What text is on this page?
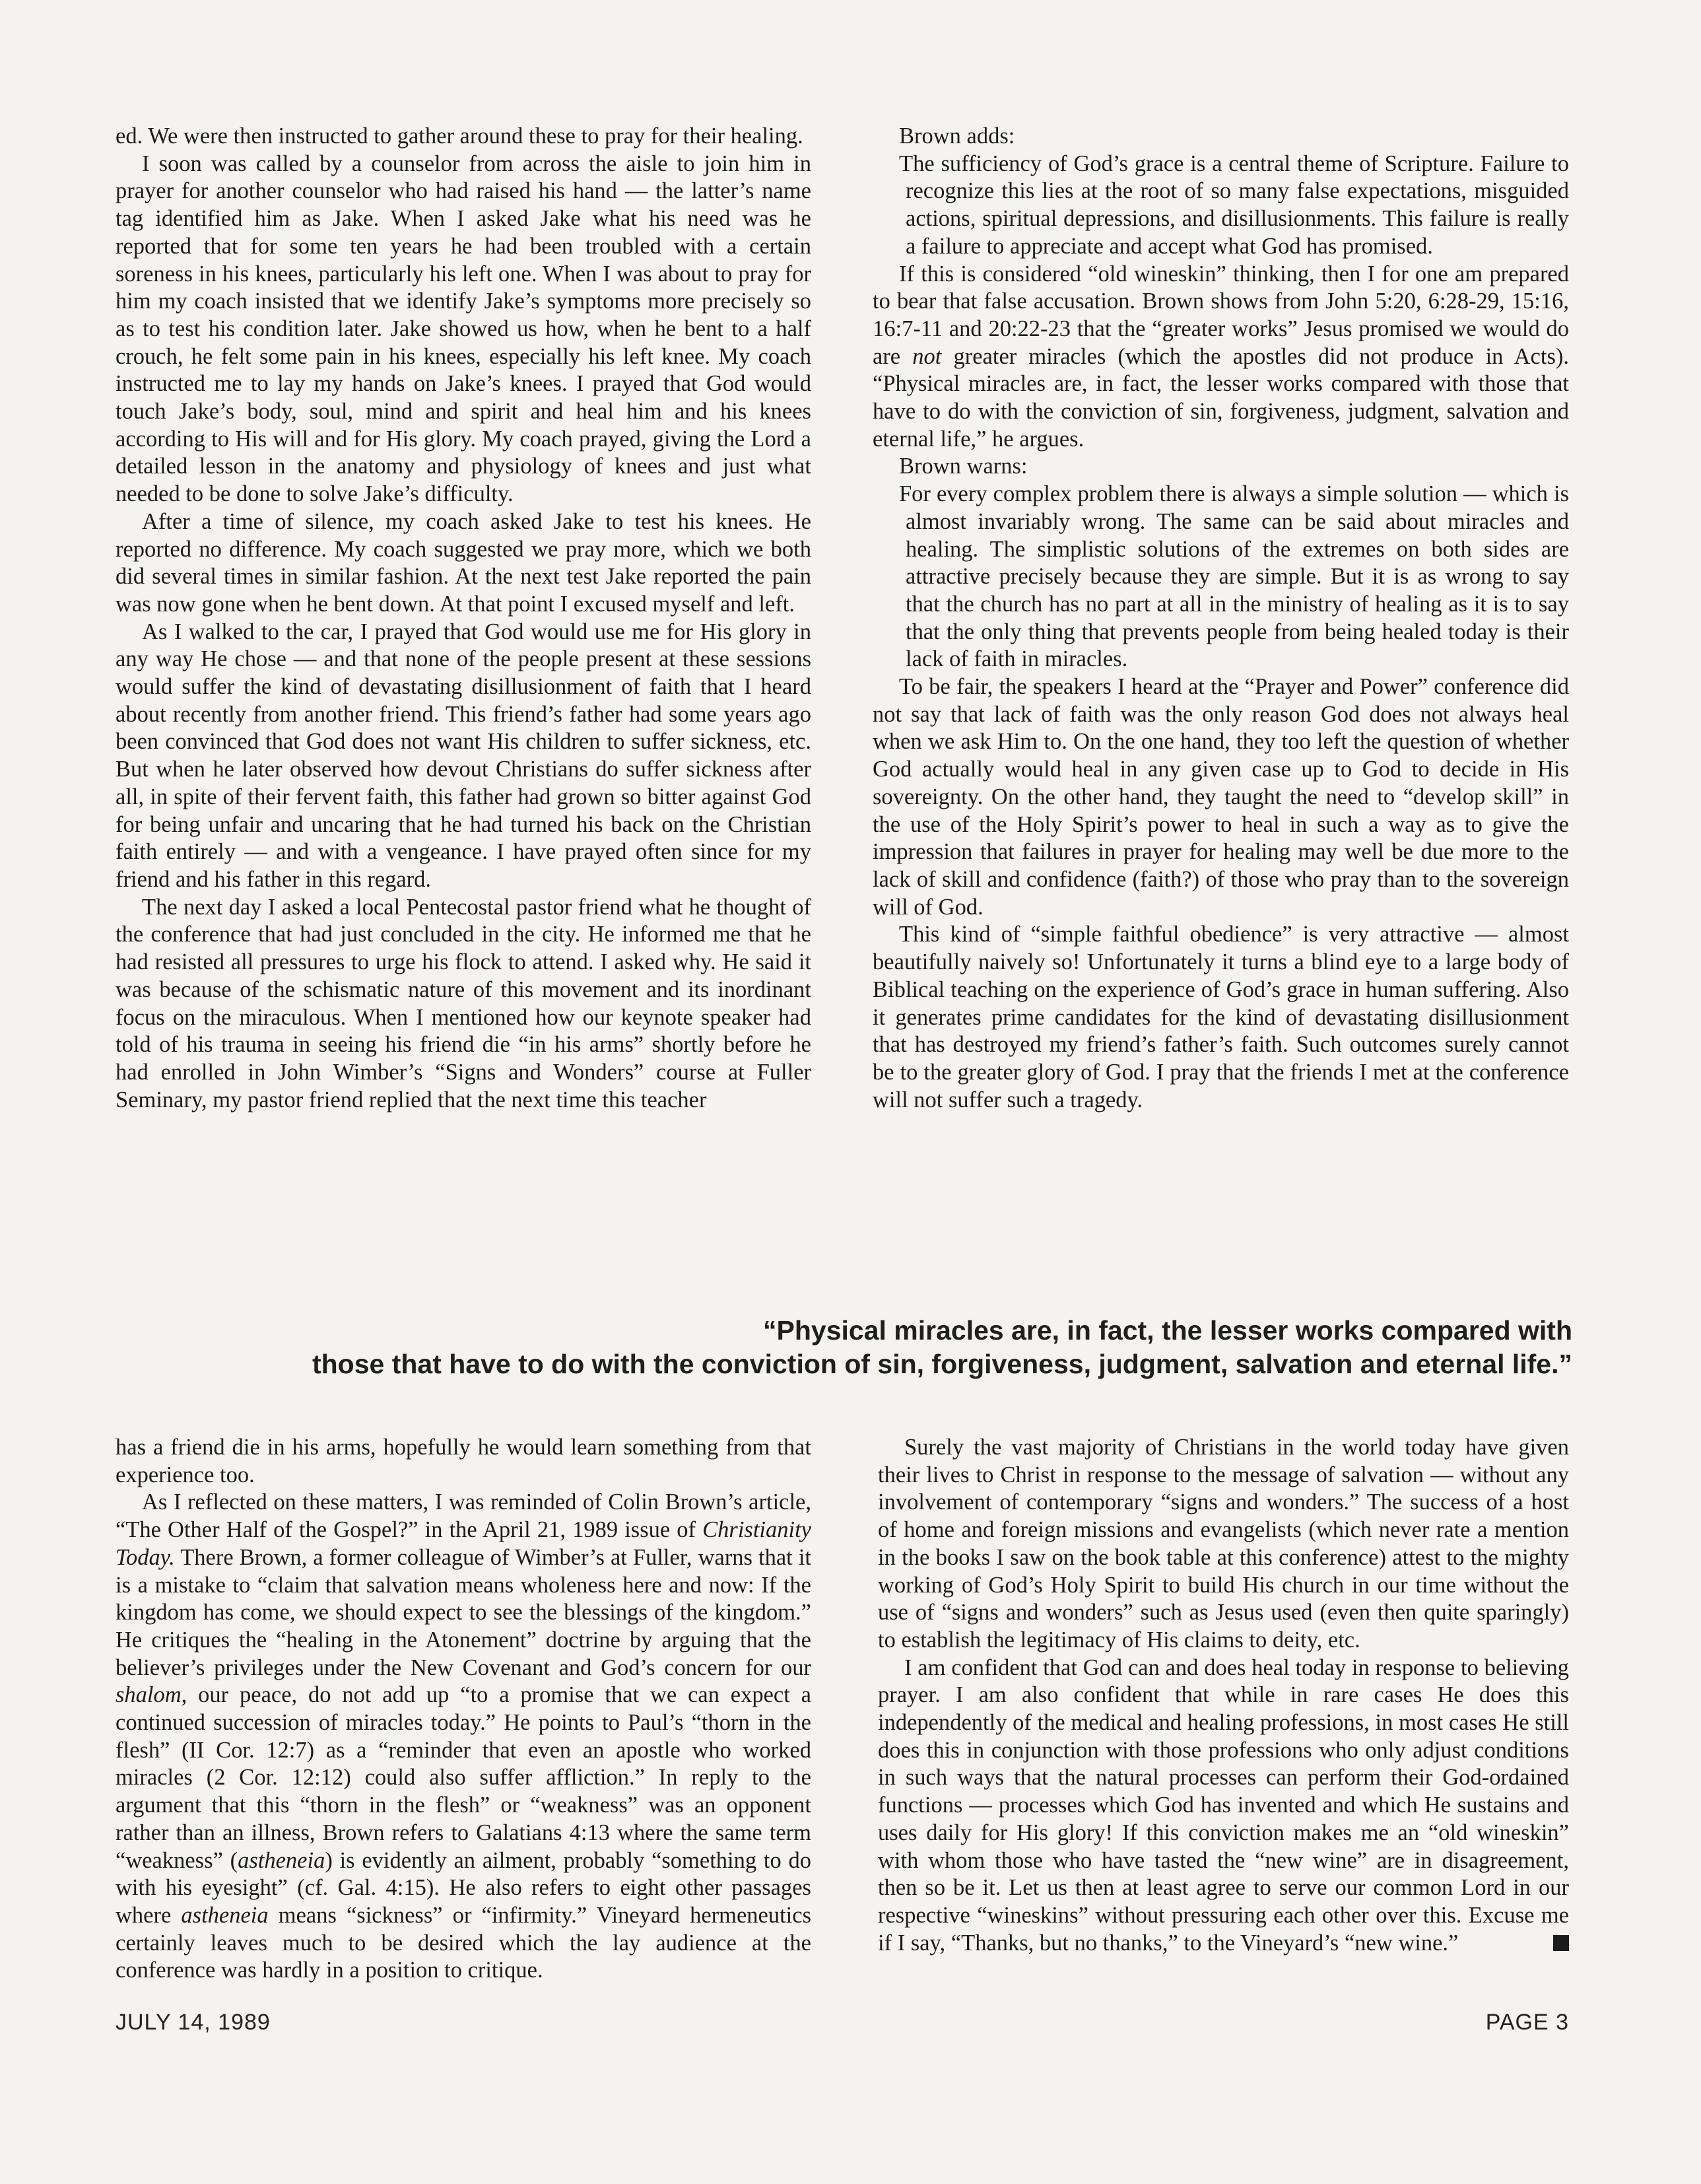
ed. We were then instructed to gather around these to pray for their healing.

I soon was called by a counselor from across the aisle to join him in prayer for another counselor who had raised his hand — the latter’s name tag identified him as Jake. When I asked Jake what his need was he reported that for some ten years he had been troubled with a certain soreness in his knees, particularly his left one. When I was about to pray for him my coach insisted that we identify Jake’s symptoms more precisely so as to test his condition later. Jake showed us how, when he bent to a half crouch, he felt some pain in his knees, especially his left knee. My coach instructed me to lay my hands on Jake’s knees. I prayed that God would touch Jake’s body, soul, mind and spirit and heal him and his knees according to His will and for His glory. My coach prayed, giving the Lord a detailed lesson in the anatomy and physiology of knees and just what needed to be done to solve Jake’s difficulty.

After a time of silence, my coach asked Jake to test his knees. He reported no difference. My coach suggested we pray more, which we both did several times in similar fashion. At the next test Jake reported the pain was now gone when he bent down. At that point I excused myself and left.

As I walked to the car, I prayed that God would use me for His glory in any way He chose — and that none of the people present at these sessions would suffer the kind of devastating disillusionment of faith that I heard about recently from another friend. This friend’s father had some years ago been convinced that God does not want His children to suffer sickness, etc. But when he later observed how devout Christians do suffer sickness after all, in spite of their fervent faith, this father had grown so bitter against God for being unfair and uncaring that he had turned his back on the Christian faith entirely — and with a vengeance. I have prayed often since for my friend and his father in this regard.

The next day I asked a local Pentecostal pastor friend what he thought of the conference that had just concluded in the city. He informed me that he had resisted all pressures to urge his flock to attend. I asked why. He said it was because of the schismatic nature of this movement and its inordinant focus on the miraculous. When I mentioned how our keynote speaker had told of his trauma in seeing his friend die “in his arms” shortly before he had enrolled in John Wimber’s “Signs and Wonders” course at Fuller Seminary, my pastor friend replied that the next time this teacher

Brown adds:

The sufficiency of God’s grace is a central theme of Scripture. Failure to recognize this lies at the root of so many false expectations, misguided actions, spiritual depressions, and disillusionments. This failure is really a failure to appreciate and accept what God has promised.

If this is considered “old wineskin” thinking, then I for one am prepared to bear that false accusation. Brown shows from John 5:20, 6:28-29, 15:16, 16:7-11 and 20:22-23 that the “greater works” Jesus promised we would do are not greater miracles (which the apostles did not produce in Acts). “Physical miracles are, in fact, the lesser works compared with those that have to do with the conviction of sin, forgiveness, judgment, salvation and eternal life,” he argues.

Brown warns:

For every complex problem there is always a simple solution — which is almost invariably wrong. The same can be said about miracles and healing. The simplistic solutions of the extremes on both sides are attractive precisely because they are simple. But it is as wrong to say that the church has no part at all in the ministry of healing as it is to say that the only thing that prevents people from being healed today is their lack of faith in miracles.

To be fair, the speakers I heard at the “Prayer and Power” conference did not say that lack of faith was the only reason God does not always heal when we ask Him to. On the one hand, they too left the question of whether God actually would heal in any given case up to God to decide in His sovereignty. On the other hand, they taught the need to “develop skill” in the use of the Holy Spirit’s power to heal in such a way as to give the impression that failures in prayer for healing may well be due more to the lack of skill and confidence (faith?) of those who pray than to the sovereign will of God.

This kind of “simple faithful obedience” is very attractive — almost beautifully naively so! Unfortunately it turns a blind eye to a large body of Biblical teaching on the experience of God’s grace in human suffering. Also it generates prime candidates for the kind of devastating disillusionment that has destroyed my friend’s father’s faith. Such outcomes surely cannot be to the greater glory of God. I pray that the friends I met at the conference will not suffer such a tragedy.

“Physical miracles are, in fact, the lesser works compared with
those that have to do with the conviction of sin, forgiveness, judgment, salvation and eternal life.”

has a friend die in his arms, hopefully he would learn something from that experience too.

As I reflected on these matters, I was reminded of Colin Brown’s article, “The Other Half of the Gospel?” in the April 21, 1989 issue of Christianity Today. There Brown, a former colleague of Wimber’s at Fuller, warns that it is a mistake to “claim that salvation means wholeness here and now: If the kingdom has come, we should expect to see the blessings of the kingdom.” He critiques the “healing in the Atonement” doctrine by arguing that the believer’s privileges under the New Covenant and God’s concern for our shalom, our peace, do not add up “to a promise that we can expect a continued succession of miracles today.” He points to Paul’s “thorn in the flesh” (II Cor. 12:7) as a “reminder that even an apostle who worked miracles (2 Cor. 12:12) could also suffer affliction.” In reply to the argument that this “thorn in the flesh” or “weakness” was an opponent rather than an illness, Brown refers to Galatians 4:13 where the same term “weakness” (astheneia) is evidently an ailment, probably “something to do with his eyesight” (cf. Gal. 4:15). He also refers to eight other passages where astheneia means “sickness” or “infirmity.” Vineyard hermeneutics certainly leaves much to be desired which the lay audience at the conference was hardly in a position to critique.

Surely the vast majority of Christians in the world today have given their lives to Christ in response to the message of salvation — without any involvement of contemporary “signs and wonders.” The success of a host of home and foreign missions and evangelists (which never rate a mention in the books I saw on the book table at this conference) attest to the mighty working of God’s Holy Spirit to build His church in our time without the use of “signs and wonders” such as Jesus used (even then quite sparingly) to establish the legitimacy of His claims to deity, etc.

I am confident that God can and does heal today in response to believing prayer. I am also confident that while in rare cases He does this independently of the medical and healing professions, in most cases He still does this in conjunction with those professions who only adjust conditions in such ways that the natural processes can perform their God-ordained functions — processes which God has invented and which He sustains and uses daily for His glory! If this conviction makes me an “old wineskin” with whom those who have tasted the “new wine” are in disagreement, then so be it. Let us then at least agree to serve our common Lord in our respective “wineskins” without pressuring each other over this. Excuse me if I say, “Thanks, but no thanks,” to the Vineyard’s “new wine.”

JULY 14, 1989	PAGE 3
